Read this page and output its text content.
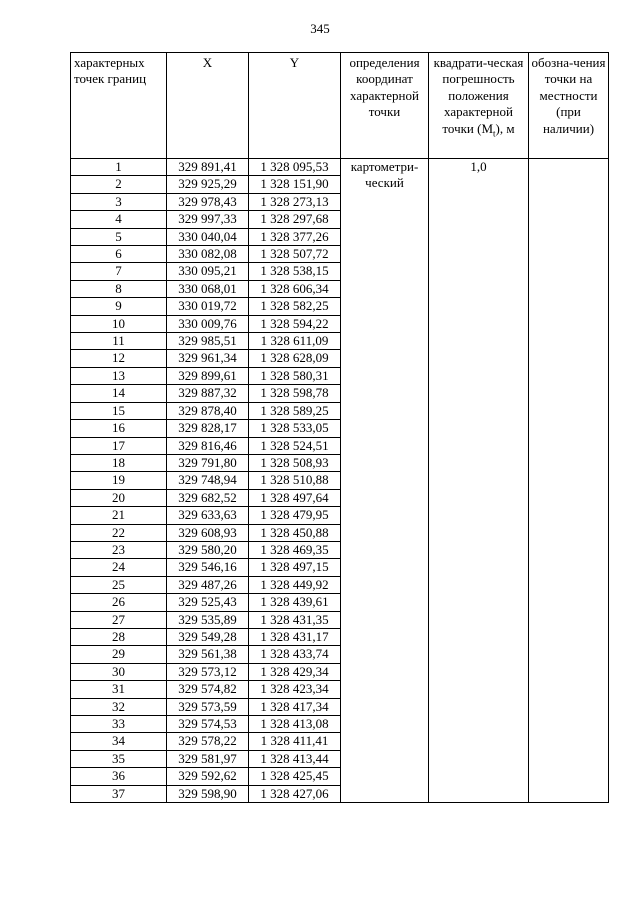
345
характерных точек границ	X	Y	определения координат характерной точки	квадрати-ческая погрешность положения характерной точки $(M_t)$, м	обозна-чения точки на местности (при наличии)
1	329 891,41	1 328 095,53	картометри-ческий	1,0	
2	329 925,29	1 328 151,90			
3	329 978,43	1 328 273,13			
4	329 997,33	1 328 297,68			
5	330 040,04	1 328 377,26			
6	330 082,08	1 328 507,72			
7	330 095,21	1 328 538,15			
8	330 068,01	1 328 606,34			
9	330 019,72	1 328 582,25			
10	330 009,76	1 328 594,22			
11	329 985,51	1 328 611,09			
12	329 961,34	1 328 628,09			
13	329 899,61	1 328 580,31			
14	329 887,32	1 328 598,78			
15	329 878,40	1 328 589,25			
16	329 828,17	1 328 533,05			
17	329 816,46	1 328 524,51			
18	329 791,80	1 328 508,93			
19	329 748,94	1 328 510,88			
20	329 682,52	1 328 497,64			
21	329 633,63	1 328 479,95			
22	329 608,93	1 328 450,88			
23	329 580,20	1 328 469,35			
24	329 546,16	1 328 497,15			
25	329 487,26	1 328 449,92			
26	329 525,43	1 328 439,61			
27	329 535,89	1 328 431,35			
28	329 549,28	1 328 431,17			
29	329 561,38	1 328 433,74			
30	329 573,12	1 328 429,34			
31	329 574,82	1 328 423,34			
32	329 573,59	1 328 417,34			
33	329 574,53	1 328 413,08			
34	329 578,22	1 328 411,41			
35	329 581,97	1 328 413,44			
36	329 592,62	1 328 425,45			
37	329 598,90	1 328 427,06			
